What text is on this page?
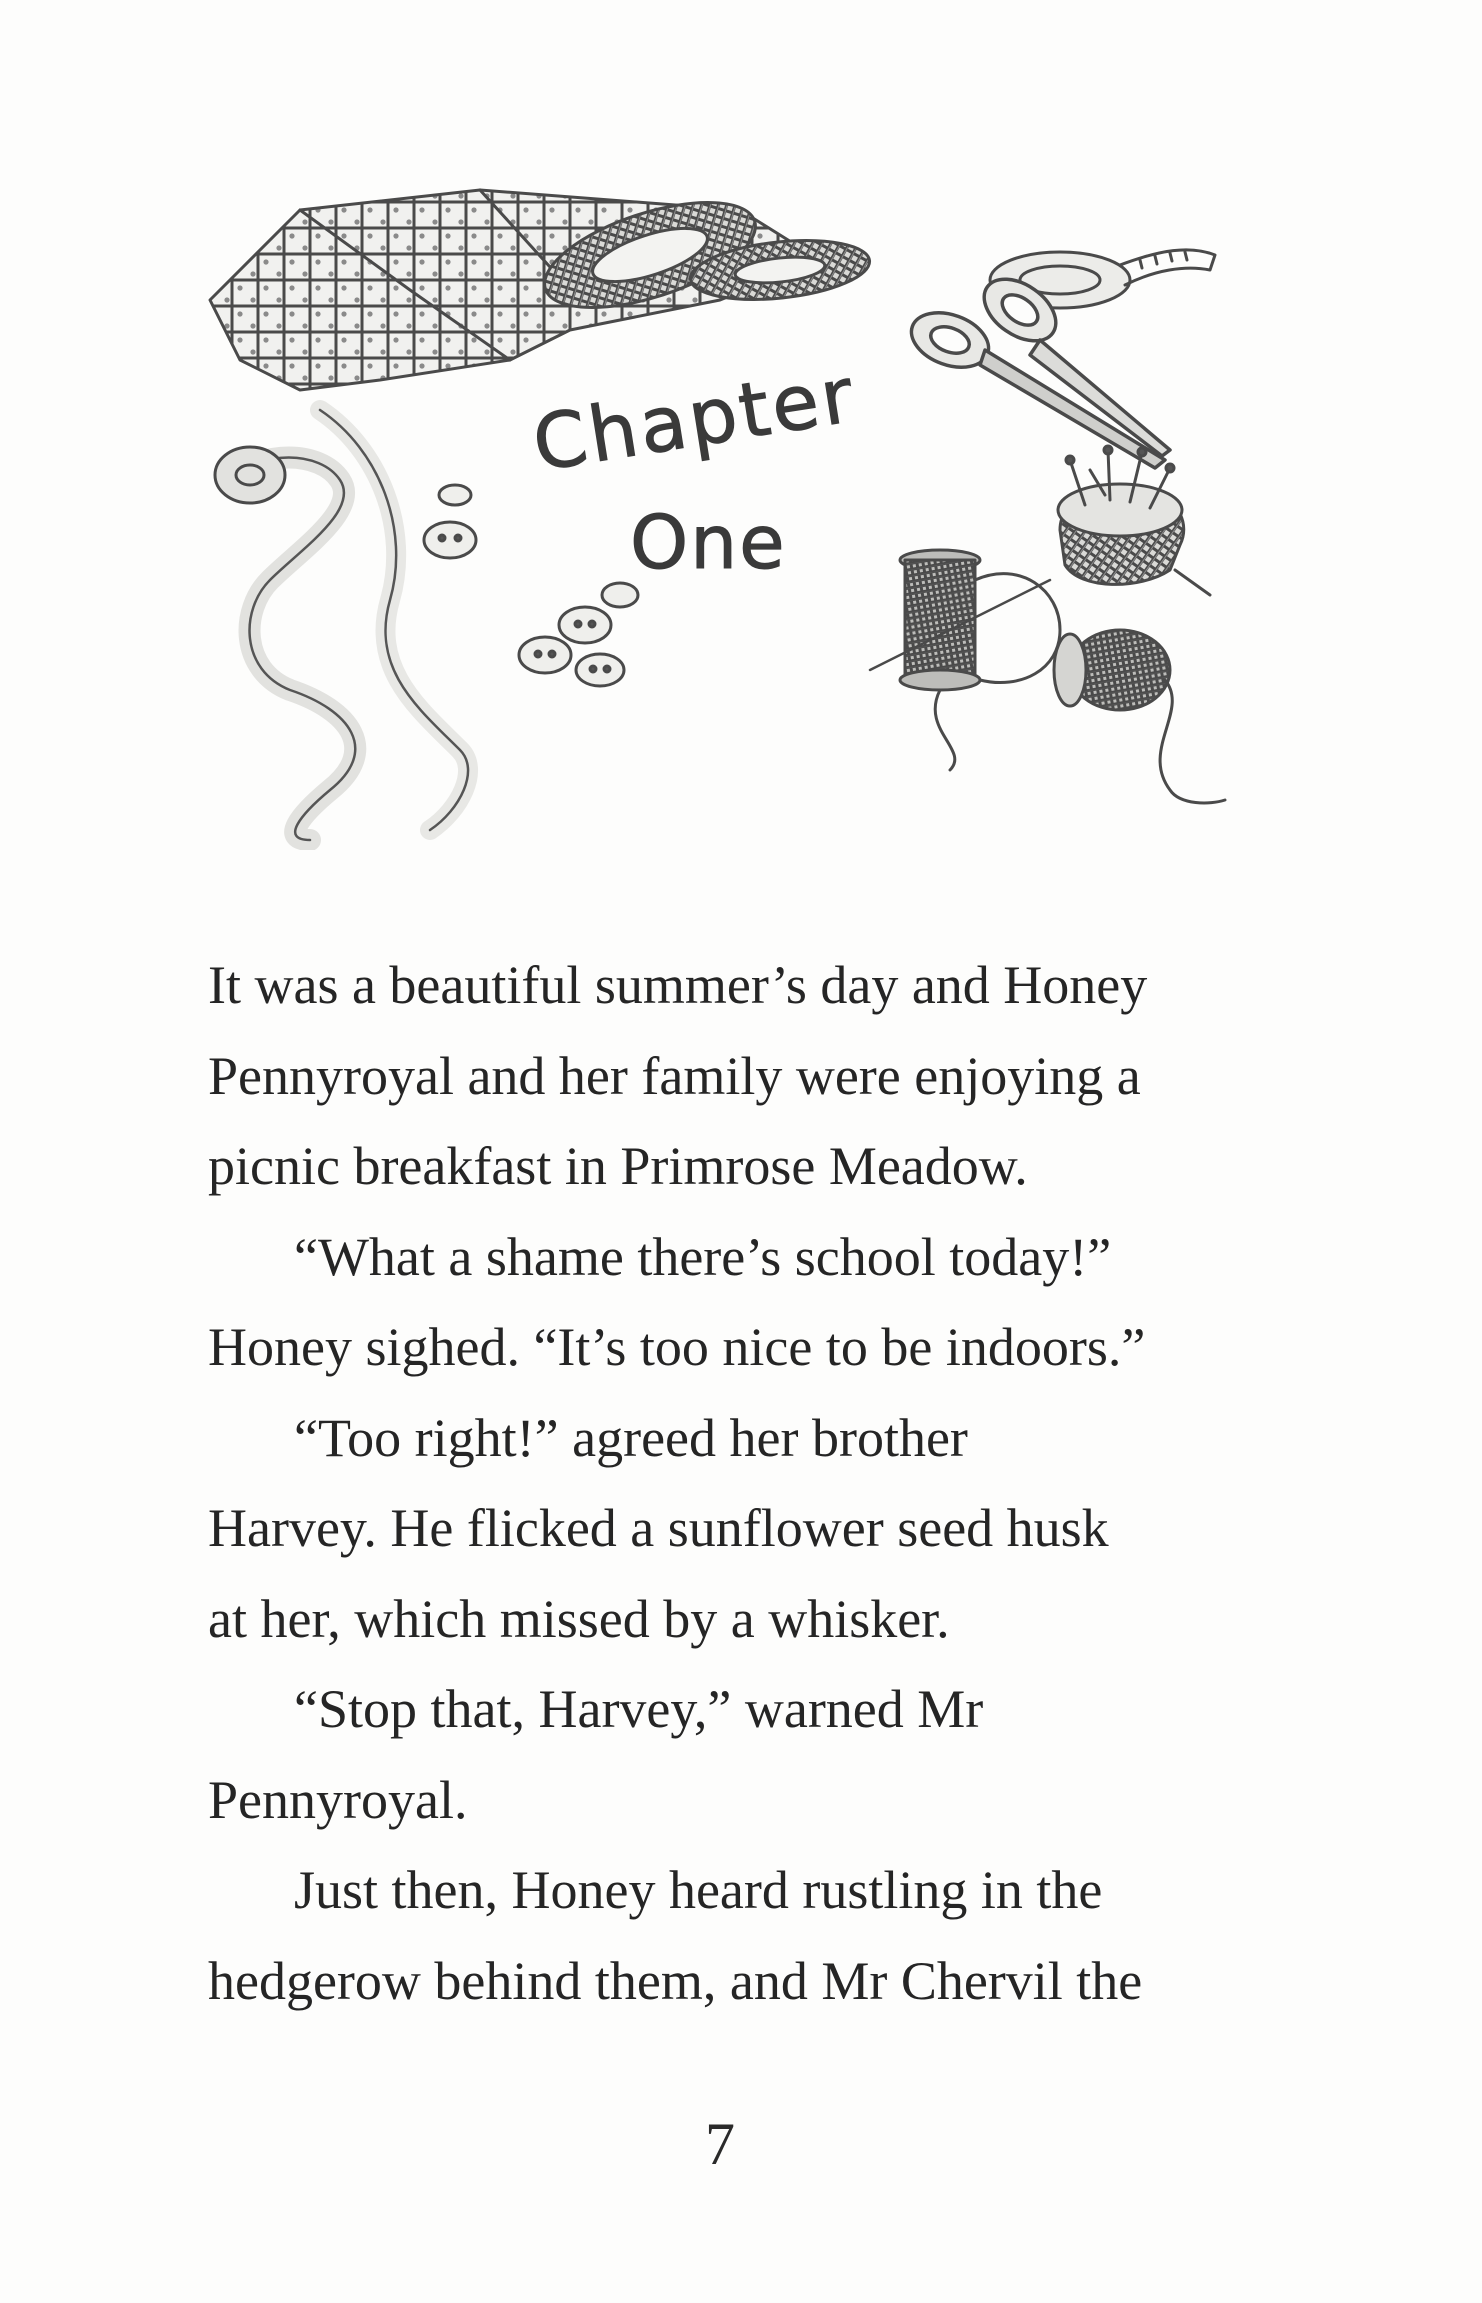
Chapter
One
It was a beautiful summer’s day and Honey
Pennyroyal and her family were enjoying a
picnic breakfast in Primrose Meadow.
“What a shame there’s school today!”
Honey sighed. “It’s too nice to be indoors.”
“Too right!” agreed her brother
Harvey. He flicked a sunflower seed husk
at her, which missed by a whisker.
“Stop that, Harvey,” warned Mr
Pennyroyal.
Just then, Honey heard rustling in the
hedgerow behind them, and Mr Chervil the
7
